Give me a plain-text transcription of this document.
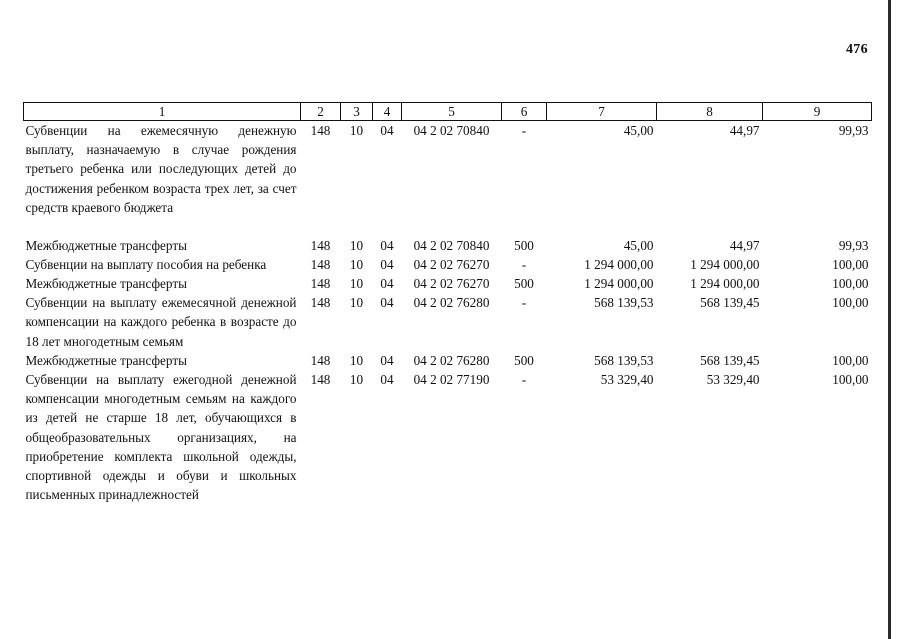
476
1	2	3	4	5	6	7	8	9
Субвенции на ежемесячную денежную выплату, назначаемую в случае рождения третьего ребенка или последующих детей до достижения ребенком возраста трех лет, за счет средств краевого бюджета	148	10	04	04 2 02 70840	-	45,00	44,97	99,93
Межбюджетные трансферты	148	10	04	04 2 02 70840	500	45,00	44,97	99,93
Субвенции на выплату пособия на ребенка	148	10	04	04 2 02 76270	-	1 294 000,00	1 294 000,00	100,00
Межбюджетные трансферты	148	10	04	04 2 02 76270	500	1 294 000,00	1 294 000,00	100,00
Субвенции на выплату ежемесячной денежной компенсации на каждого ребенка в возрасте до 18 лет многодетным семьям	148	10	04	04 2 02 76280	-	568 139,53	568 139,45	100,00
Межбюджетные трансферты	148	10	04	04 2 02 76280	500	568 139,53	568 139,45	100,00
Субвенции на выплату ежегодной денежной компенсации многодетным семьям на каждого из детей не старше 18 лет, обучающихся в общеобразовательных организациях, на приобретение комплекта школьной одежды, спортивной одежды и обуви и школьных письменных принадлежностей	148	10	04	04 2 02 77190	-	53 329,40	53 329,40	100,00
